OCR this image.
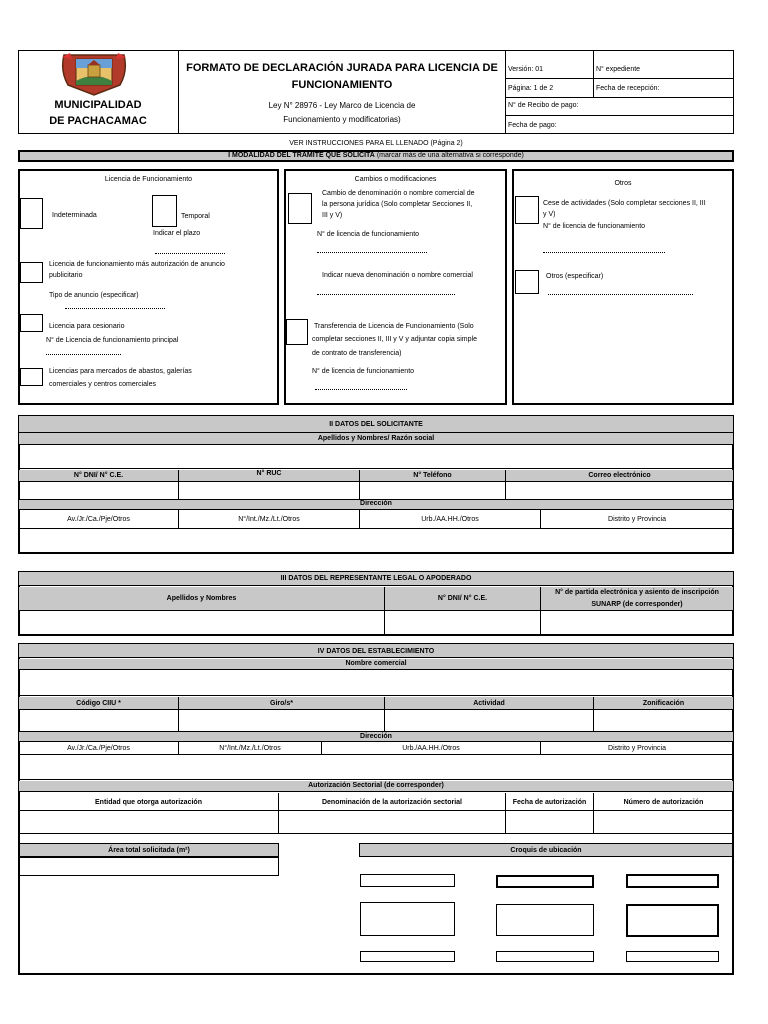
MUNICIPALIDAD
DE PACHACAMAC
FORMATO DE DECLARACIÓN JURADA PARA LICENCIA DE
FUNCIONAMIENTO
Ley N° 28976 - Ley Marco de Licencia de
Funcionamiento y modificatorias)
Versión: 01	N° expediente
Página: 1 de 2	Fecha de recepción:
N° de Recibo de pago:
Fecha de pago:
VER INSTRUCCIONES PARA EL LLENADO (Página 2)
I MODALIDAD DEL TRÁMITE QUE SOLICITA (marcar más de una alternativa si corresponde)
Licencia de Funcionamiento
Indeterminada	Temporal
Indicar el plazo
Licencia de funcionamiento más autorización de anuncio
publicitario
Tipo de anuncio (especificar)
Licencia para cesionario
N° de Licencia de funcionamiento principal
Licencias para mercados de abastos, galerías
comerciales y centros comerciales
Cambios o modificaciones
Cambio de denominación o nombre comercial de
la persona jurídica (Solo completar Secciones II,
III y V)
N° de licencia de funcionamiento
Indicar nueva denominación o nombre comercial
Transferencia de Licencia de Funcionamiento (Solo
completar secciones II, III y V y adjuntar copia simple
de contrato de transferencia)
N° de licencia de funcionamiento
Otros
Cese de actividades (Solo completar secciones II, III
y V)
N° de licencia de funcionamiento
Otros (especificar)
II DATOS DEL SOLICITANTE
Apellidos y Nombres/ Razón social
N° DNI/ N° C.E.	N° RUC	N° Teléfono	Correo electrónico
Dirección
Av./Jr./Ca./Pje/Otros	N°/Int./Mz./Lt./Otros	Urb./AA.HH./Otros	Distrito y Provincia
III DATOS DEL REPRESENTANTE LEGAL O APODERADO
Apellidos y Nombres	N° DNI/ N° C.E.
N° de partida electrónica y asiento de inscripción
SUNARP (de corresponder)
IV DATOS DEL ESTABLECIMIENTO
Nombre comercial
Código CIIU *	Giro/s*	Actividad	Zonificación
Dirección
Av./Jr./Ca./Pje/Otros	N°/Int./Mz./Lt./Otros	Urb./AA.HH./Otros	Distrito y Provincia
Autorización Sectorial (de corresponder)
Entidad que otorga autorización	Denominación de la autorización sectorial	Fecha de autorización	Número de autorización
Área total solicitada (m²)	Croquis de ubicación
